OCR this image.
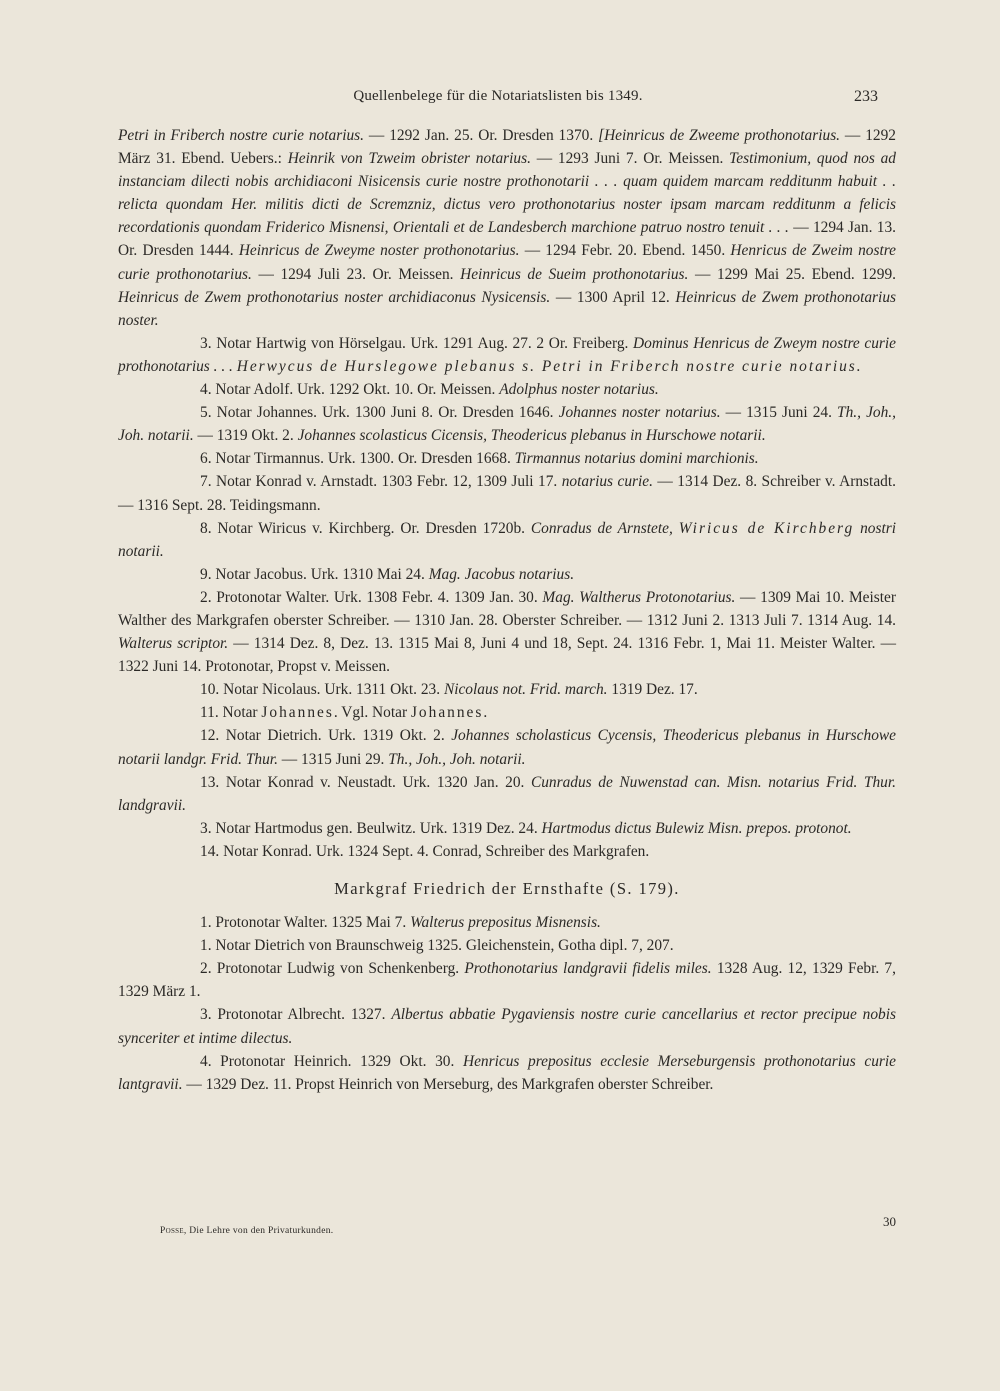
Quellenbelege für die Notariatslisten bis 1349.	233

Petri in Friberch nostre curie notarius. — 1292 Jan. 25. Or. Dresden 1370. [Heinricus de Zweeme prothonotarius. — 1292 März 31. Ebend. Uebers.: Heinrik von Tzweim obrister notarius. — 1293 Juni 7. Or. Meissen. Testimonium, quod nos ad instanciam dilecti nobis archidiaconi Nisicensis curie nostre prothonotarii . . . quam quidem marcam redditunm habuit . . relicta quondam Her. militis dicti de Scremzniz, dictus vero prothonotarius noster ipsam marcam redditunm a felicis recordationis quondam Friderico Misnensi, Orientali et de Landesberch marchione patruo nostro tenuit . . . — 1294 Jan. 13. Or. Dresden 1444. Heinricus de Zweyme noster prothonotarius. — 1294 Febr. 20. Ebend. 1450. Henricus de Zweim nostre curie prothonotarius. — 1294 Juli 23. Or. Meissen. Heinricus de Sueim prothonotarius. — 1299 Mai 25. Ebend. 1299. Heinricus de Zwem prothonotarius noster archidiaconus Nysicensis. — 1300 April 12. Heinricus de Zwem prothonotarius noster.

3. Notar Hartwig von Hörselgau. Urk. 1291 Aug. 27. 2 Or. Freiberg. Dominus Henricus de Zweym nostre curie prothonotarius . . . Herwycus de Hurslegowe plebanus s. Petri in Friberch nostre curie notarius.

4. Notar Adolf. Urk. 1292 Okt. 10. Or. Meissen. Adolphus noster notarius.

5. Notar Johannes. Urk. 1300 Juni 8. Or. Dresden 1646. Johannes noster notarius. — 1315 Juni 24. Th., Joh., Joh. notarii. — 1319 Okt. 2. Johannes scolasticus Cicensis, Theodericus plebanus in Hurschowe notarii.

6. Notar Tirmannus. Urk. 1300. Or. Dresden 1668. Tirmannus notarius domini marchionis.

7. Notar Konrad v. Arnstadt. 1303 Febr. 12, 1309 Juli 17. notarius curie. — 1314 Dez. 8. Schreiber v. Arnstadt. — 1316 Sept. 28. Teidingsmann.

8. Notar Wiricus v. Kirchberg. Or. Dresden 1720b. Conradus de Arnstete, Wiricus de Kirchberg nostri notarii.

9. Notar Jacobus. Urk. 1310 Mai 24. Mag. Jacobus notarius.

2. Protonotar Walter. Urk. 1308 Febr. 4. 1309 Jan. 30. Mag. Waltherus Protonotarius. — 1309 Mai 10. Meister Walther des Markgrafen oberster Schreiber. — 1310 Jan. 28. Oberster Schreiber. — 1312 Juni 2. 1313 Juli 7. 1314 Aug. 14. Walterus scriptor. — 1314 Dez. 8, Dez. 13. 1315 Mai 8, Juni 4 und 18, Sept. 24. 1316 Febr. 1, Mai 11. Meister Walter. — 1322 Juni 14. Protonotar, Propst v. Meissen.

10. Notar Nicolaus. Urk. 1311 Okt. 23. Nicolaus not. Frid. march. 1319 Dez. 17.

11. Notar Johannes. Vgl. Notar Johannes.

12. Notar Dietrich. Urk. 1319 Okt. 2. Johannes scholasticus Cycensis, Theodericus plebanus in Hurschowe notarii landgr. Frid. Thur. — 1315 Juni 29. Th., Joh., Joh. notarii.

13. Notar Konrad v. Neustadt. Urk. 1320 Jan. 20. Cunradus de Nuwenstad can. Misn. notarius Frid. Thur. landgravii.

3. Notar Hartmodus gen. Beulwitz. Urk. 1319 Dez. 24. Hartmodus dictus Bulewiz Misn. prepos. protonot.

14. Notar Konrad. Urk. 1324 Sept. 4. Conrad, Schreiber des Markgrafen.

Markgraf Friedrich der Ernsthafte (S. 179).

1. Protonotar Walter. 1325 Mai 7. Walterus prepositus Misnensis.

1. Notar Dietrich von Braunschweig 1325. Gleichenstein, Gotha dipl. 7, 207.

2. Protonotar Ludwig von Schenkenberg. Prothonotarius landgravii fidelis miles. 1328 Aug. 12, 1329 Febr. 7, 1329 März 1.

3. Protonotar Albrecht. 1327. Albertus abbatie Pygaviensis nostre curie cancellarius et rector precipue nobis synceriter et intime dilectus.

4. Protonotar Heinrich. 1329 Okt. 30. Henricus prepositus ecclesie Merseburgensis prothonotarius curie lantgravii. — 1329 Dez. 11. Propst Heinrich von Merseburg, des Markgrafen oberster Schreiber.

30
Posse, Die Lehre von den Privaturkunden.
